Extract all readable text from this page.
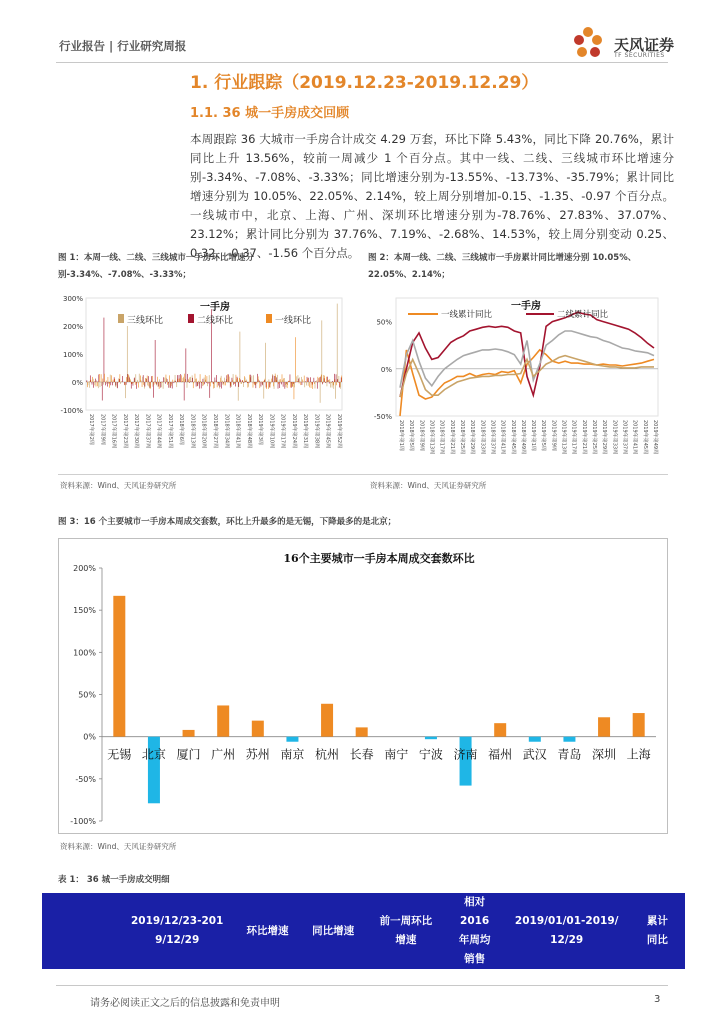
行业报告 | 行业研究周报	天风证券
TF SECURITIES
1. 行业跟踪（2019.12.23-2019.12.29）
1.1. 36 城一手房成交回顾

本周跟踪 36 大城市一手房合计成交 4.29 万套，环比下降 5.43%，同比下降 20.76%，累计同比上升 13.56%，较前一周减少 1 个百分点。其中一线、二线、三线城市环比增速分别-3.34%、-7.08%、-3.33%；同比增速分别为-13.55%、-13.73%、-35.79%；累计同比增速分别为 10.05%、22.05%、2.14%，较上周分别增加-0.15、-1.35、-0.97 个百分点。一线城市中，北京、上海、广州、深圳环比增速分别为-78.76%、27.83%、37.07%、23.12%；累计同比分别为 37.76%、7.19%、-2.68%、14.53%，较上周分别变动 0.25、0.32、-0.37、-1.56 个百分点。

图 1：本周一线、二线、三线城市一手房环比增速分别-3.34%、-7.08%、-3.33%；
图 2：本周一线、二线、三线城市一手房累计同比增速分别 10.05%、22.05%、2.14%；
300%
200%
100%
0%
-100%
三线环比	二线环比	一线环比
一手房
2017年第2周 2017年第9周 2017年第16周 2017年第23周 2017年第30周 2017年第37周 2017年第44周 2017年第51周 2018年第6周 2018年第13周 2018年第20周 2018年第27周 2018年第34周 2018年第41周 2018年第48周 2019年第3周 2019年第10周 2019年第17周 2019年第24周 2019年第31周 2019年第38周 2019年第45周 2019年第52周
50%
0%
-50%
一线累计同比	二线累计同比
一手房
2018年第1周 2018年第5周 2018年第9周 2018年第13周 2018年第17周 2018年第21周 2018年第25周 2018年第29周 2018年第33周 2018年第37周 2018年第41周 2018年第45周 2018年第49周 2019年第1周 2019年第5周 2019年第9周 2019年第13周 2019年第17周 2019年第21周 2019年第25周 2019年第29周 2019年第33周 2019年第37周 2019年第41周 2019年第45周 2019年第49周
资料来源：Wind、天风证券研究所	资料来源：Wind、天风证券研究所
图 3：16 个主要城市一手房本周成交套数，环比上升最多的是无锡，下降最多的是北京；
16个主要城市一手房本周成交套数环比
200%
150%
100%
50%
0%
-50%
-100%
无锡 北京 厦门 广州 苏州 南京 杭州 长春 南宁 宁波 济南 福州 武汉 青岛 深圳 上海
资料来源：Wind、天风证券研究所
表 1： 36 城一手房成交明细
	2019/12/23-2019/12/29	环比增速	同比增速	前一周环比增速	相对2016年周均销售	2019/01/01-2019/12/29	累计同比
请务必阅读正文之后的信息披露和免责申明	3
